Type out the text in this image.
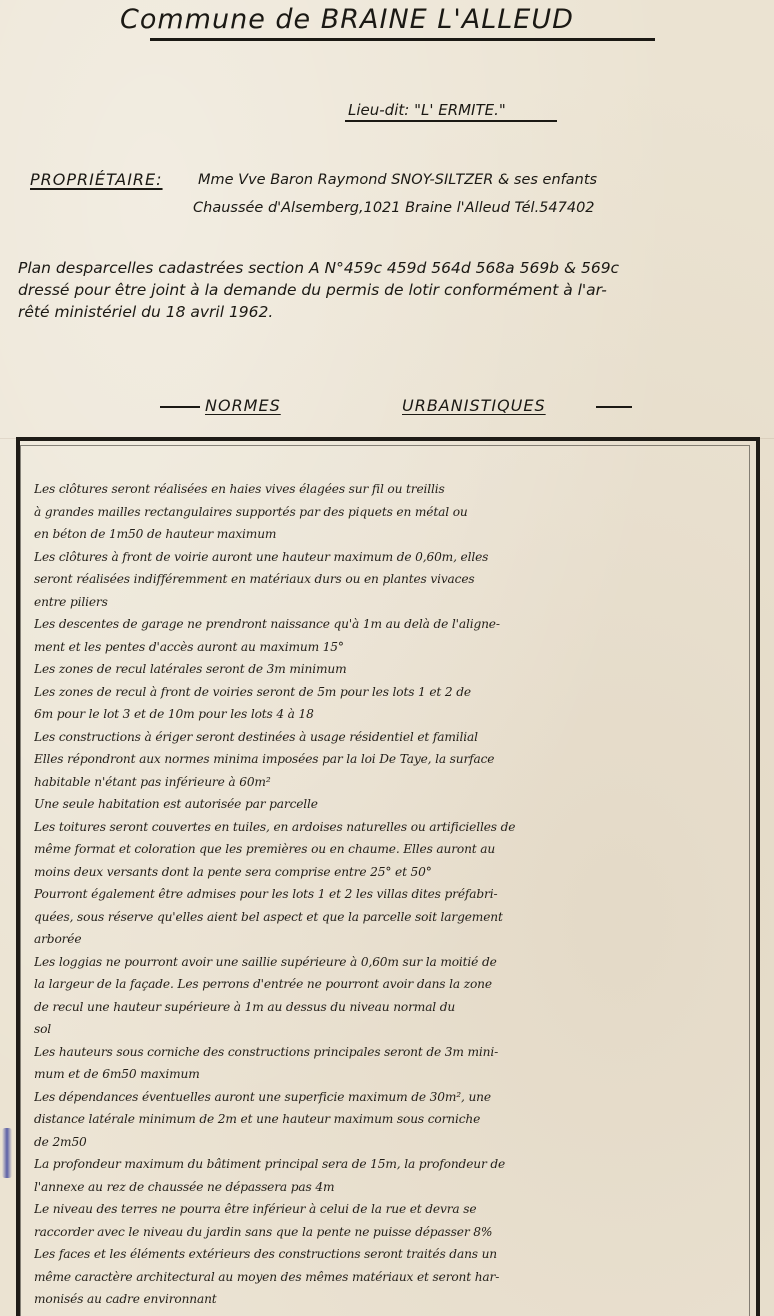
Commune de BRAINE L'ALLEUD
Lieu-dit: "L' ERMITE."
PROPRIÉTAIRE: Mme Vve Baron Raymond SNOY-SILTZER & ses enfants
Chaussée d'Alsemberg,1021 Braine l'Alleud Tél.547402
Plan desparcelles cadastrées section A N°459c 459d 564d 568a 569b & 569c
dressé pour être joint à la demande du permis de lotir conformément à l'ar-
rêté ministériel du 18 avril 1962.
NORMES	URBANISTIQUES
Les clôtures seront réalisées en haies vives élagées sur fil ou treillis
à grandes mailles rectangulaires supportés par des piquets en métal ou
en béton de 1m50 de hauteur maximum
Les clôtures à front de voirie auront une hauteur maximum de 0,60m, elles
seront réalisées indifféremment en matériaux durs ou en plantes vivaces
entre piliers
Les descentes de garage ne prendront naissance qu'à 1m au delà de l'aligne-
ment et les pentes d'accès auront au maximum 15°
Les zones de recul latérales seront de 3m minimum
Les zones de recul à front de voiries seront de 5m pour les lots 1 et 2 de
6m pour le lot 3 et de 10m pour les lots 4 à 18
Les constructions à ériger seront destinées à usage résidentiel et familial
Elles répondront aux normes minima imposées par la loi De Taye, la surface
habitable n'étant pas inférieure à 60m²
Une seule habitation est autorisée par parcelle
Les toitures seront couvertes en tuiles, en ardoises naturelles ou artificielles de
même format et coloration que les premières ou en chaume. Elles auront au
moins deux versants dont la pente sera comprise entre 25° et 50°
Pourront également être admises pour les lots 1 et 2 les villas dites préfabri-
quées, sous réserve qu'elles aient bel aspect et que la parcelle soit largement
arborée
Les loggias ne pourront avoir une saillie supérieure à 0,60m sur la moitié de
la largeur de la façade. Les perrons d'entrée ne pourront avoir dans la zone
de recul une hauteur supérieure à 1m au dessus du niveau normal du
sol
Les hauteurs sous corniche des constructions principales seront de 3m mini-
mum et de 6m50 maximum
Les dépendances éventuelles auront une superficie maximum de 30m², une
distance latérale minimum de 2m et une hauteur maximum sous corniche
de 2m50
La profondeur maximum du bâtiment principal sera de 15m, la profondeur de
l'annexe au rez de chaussée ne dépassera pas 4m
Le niveau des terres ne pourra être inférieur à celui de la rue et devra se
raccorder avec le niveau du jardin sans que la pente ne puisse dépasser 8%
Les faces et les éléments extérieurs des constructions seront traités dans un
même caractère architectural au moyen des mêmes matériaux et seront har-
monisés au cadre environnant
